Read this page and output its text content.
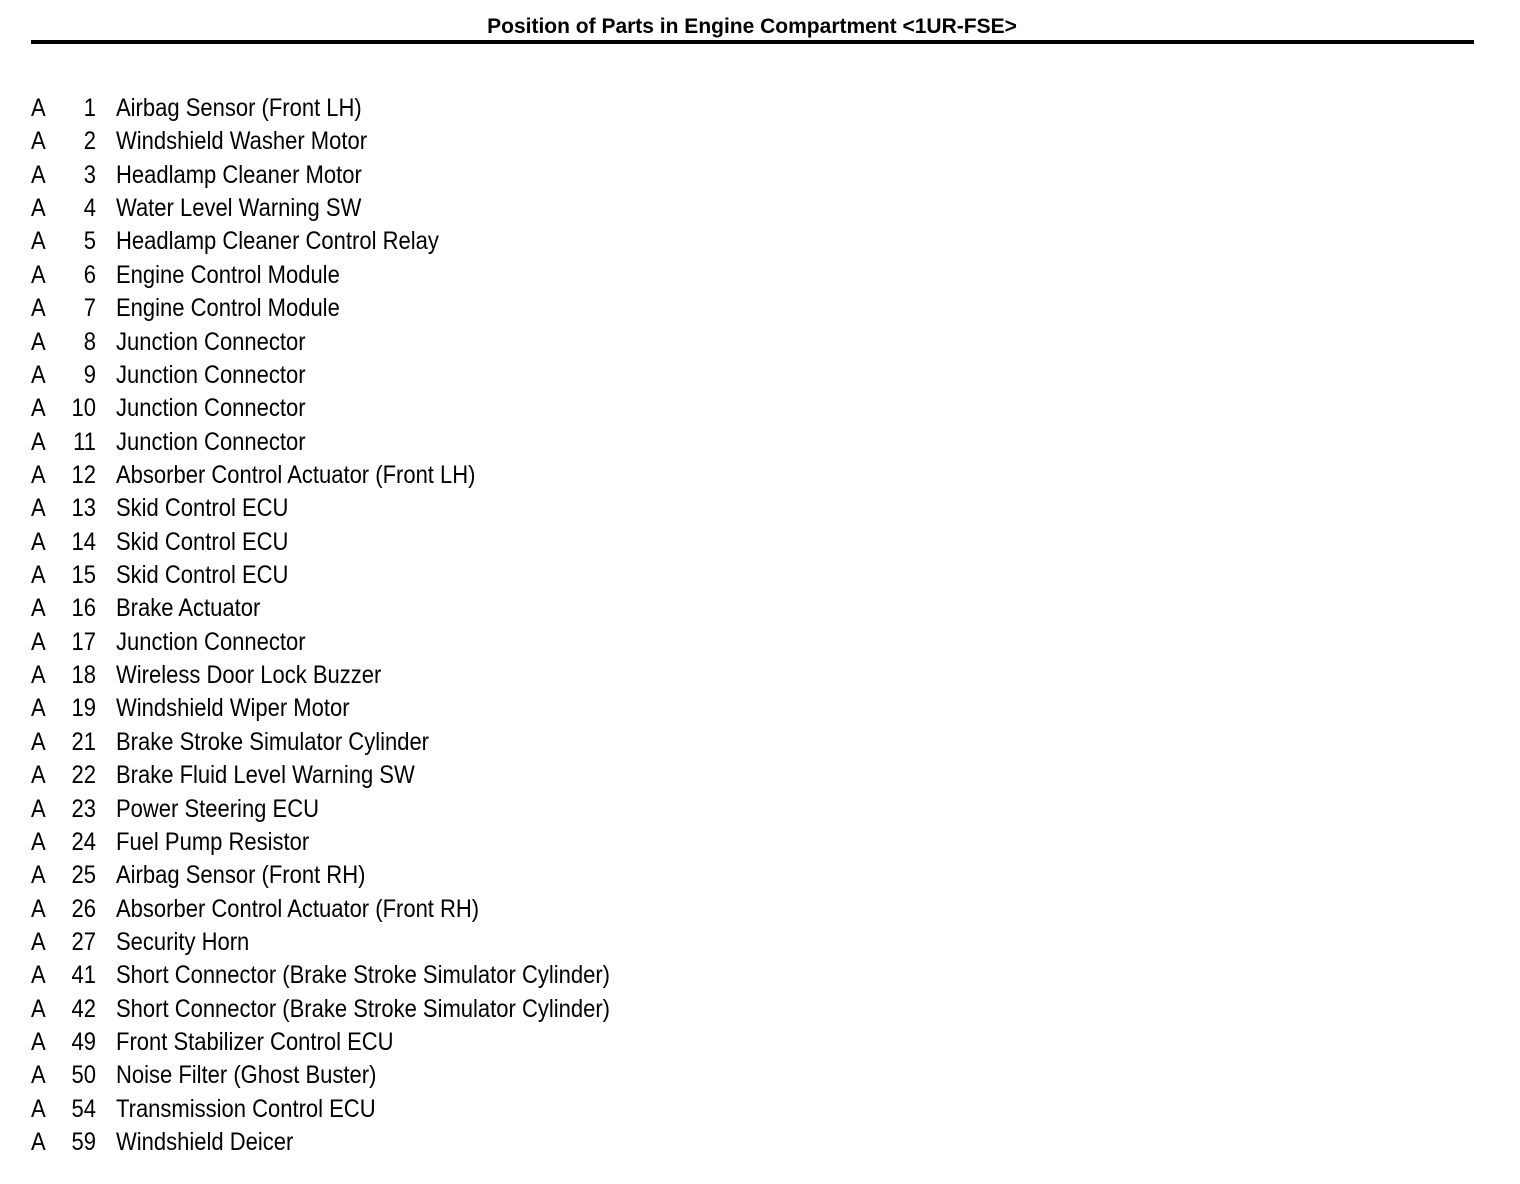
Position of Parts in Engine Compartment <1UR-FSE>
A	1 Airbag Sensor (Front LH)
A	2 Windshield Washer Motor
A	3 Headlamp Cleaner Motor
A	4 Water Level Warning SW
A	5 Headlamp Cleaner Control Relay
A	6 Engine Control Module
A	7 Engine Control Module
A	8 Junction Connector
A	9 Junction Connector
A	10 Junction Connector
A	11 Junction Connector
A	12 Absorber Control Actuator (Front LH)
A	13 Skid Control ECU
A	14 Skid Control ECU
A	15 Skid Control ECU
A	16 Brake Actuator
A	17 Junction Connector
A	18 Wireless Door Lock Buzzer
A	19 Windshield Wiper Motor
A	21 Brake Stroke Simulator Cylinder
A	22 Brake Fluid Level Warning SW
A	23 Power Steering ECU
A	24 Fuel Pump Resistor
A	25 Airbag Sensor (Front RH)
A	26 Absorber Control Actuator (Front RH)
A	27 Security Horn
A	41 Short Connector (Brake Stroke Simulator Cylinder)
A	42 Short Connector (Brake Stroke Simulator Cylinder)
A	49 Front Stabilizer Control ECU
A	50 Noise Filter (Ghost Buster)
A	54 Transmission Control ECU
A	59 Windshield Deicer
